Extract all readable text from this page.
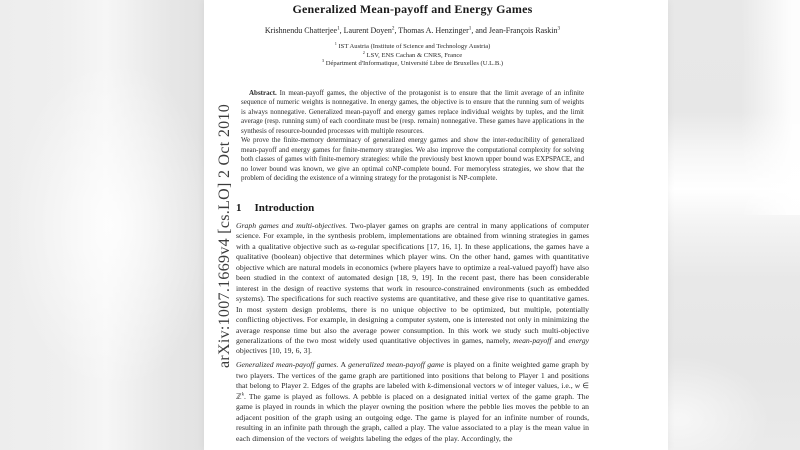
arXiv:1007.1669v4 [cs.LO] 2 Oct 2010
Generalized Mean-payoff and Energy Games
Krishnendu Chatterjee$^1$, Laurent Doyen$^2$, Thomas A. Henzinger$^1$, and Jean-François Raskin$^3$
$^1$ IST Austria (Institute of Science and Technology Austria)
$^2$ LSV, ENS Cachan & CNRS, France
$^3$ Départment d'Informatique, Université Libre de Bruxelles (U.L.B.)
Abstract. In mean-payoff games, the objective of the protagonist is to ensure that the limit average of an infinite sequence of numeric weights is nonnegative. In energy games, the objective is to ensure that the running sum of weights is always nonnegative. Generalized mean-payoff and energy games replace individual weights by tuples, and the limit average (resp. running sum) of each coordinate must be (resp. remain) nonnegative. These games have applications in the synthesis of resource-bounded processes with multiple resources.
We prove the finite-memory determinacy of generalized energy games and show the inter-reducibility of generalized mean-payoff and energy games for finite-memory strategies. We also improve the computational complexity for solving both classes of games with finite-memory strategies: while the previously best known upper bound was EXPSPACE, and no lower bound was known, we give an optimal coNP-complete bound. For memoryless strategies, we show that the problem of deciding the existence of a winning strategy for the protagonist is NP-complete.
1 Introduction

Graph games and multi-objectives. Two-player games on graphs are central in many applications of computer science. For example, in the synthesis problem, implementations are obtained from winning strategies in games with a qualitative objective such as ω-regular specifications [17, 16, 1]. In these applications, the games have a qualitative (boolean) objective that determines which player wins. On the other hand, games with quantitative objective which are natural models in economics (where players have to optimize a real-valued payoff) have also been studied in the context of automated design [18, 9, 19]. In the recent past, there has been considerable interest in the design of reactive systems that work in resource-constrained environments (such as embedded systems). The specifications for such reactive systems are quantitative, and these give rise to quantitative games. In most system design problems, there is no unique objective to be optimized, but multiple, potentially conflicting objectives. For example, in designing a computer system, one is interested not only in minimizing the average response time but also the average power consumption. In this work we study such multi-objective generalizations of the two most widely used quantitative objectives in games, namely, mean-payoff and energy objectives [10, 19, 6, 3].

Generalized mean-payoff games. A generalized mean-payoff game is played on a finite weighted game graph by two players. The vertices of the game graph are partitioned into positions that belong to Player 1 and positions that belong to Player 2. Edges of the graphs are labeled with k-dimensional vectors w of integer values, i.e., w ∈ ℤ$^k$. The game is played as follows. A pebble is placed on a designated initial vertex of the game graph. The game is played in rounds in which the player owning the position where the pebble lies moves the pebble to an adjacent position of the graph using an outgoing edge. The game is played for an infinite number of rounds, resulting in an infinite path through the graph, called a play. The value associated to a play is the mean value in each dimension of the vectors of weights labeling the edges of the play. Accordingly, the
